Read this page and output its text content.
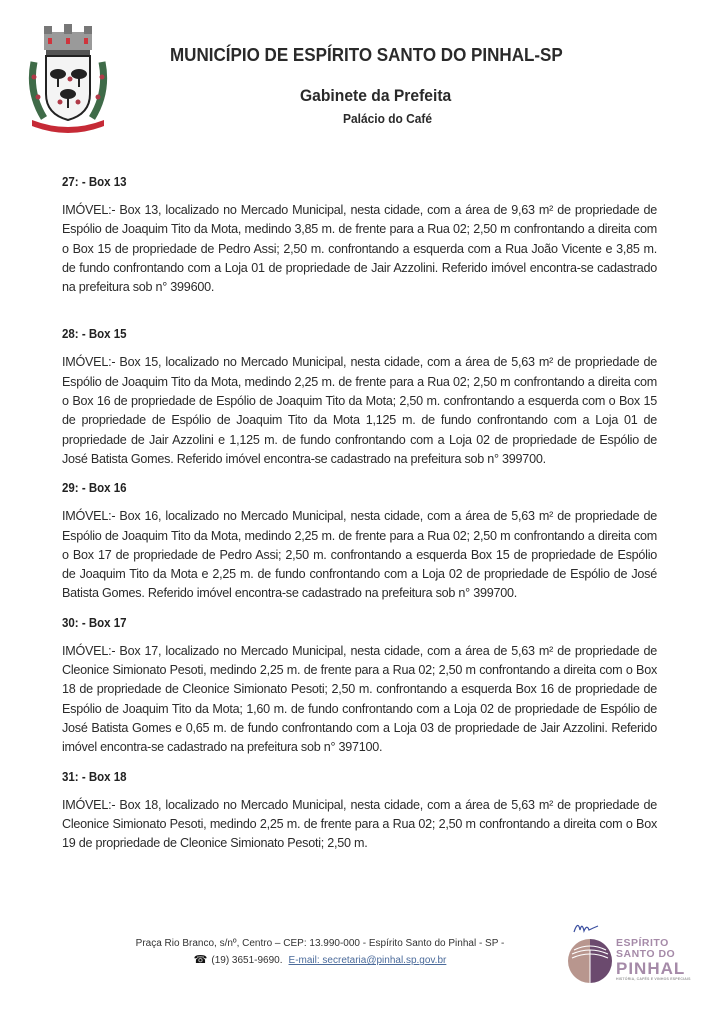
MUNICÍPIO DE ESPÍRITO SANTO DO PINHAL-SP
Gabinete da Prefeita
Palácio do Café
27: - Box 13

IMÓVEL:- Box 13, localizado no Mercado Municipal, nesta cidade, com a área de 9,63 m² de propriedade de Espólio de Joaquim Tito da Mota, medindo 3,85 m. de frente para a Rua 02; 2,50 m confrontando a direita com o Box 15 de propriedade de Pedro Assi; 2,50 m. confrontando a esquerda com a Rua João Vicente e 3,85 m. de fundo confrontando com a Loja 01 de propriedade de Jair Azzolini. Referido imóvel encontra-se cadastrado na prefeitura sob n° 399600.

28: - Box 15

IMÓVEL:- Box 15, localizado no Mercado Municipal, nesta cidade, com a área de 5,63 m² de propriedade de Espólio de Joaquim Tito da Mota, medindo 2,25 m. de frente para a Rua 02; 2,50 m confrontando a direita com o Box 16 de propriedade de Espólio de Joaquim Tito da Mota; 2,50 m. confrontando a esquerda com o Box 15 de propriedade de Espólio de Joaquim Tito da Mota 1,125 m. de fundo confrontando com a Loja 01 de propriedade de Jair Azzolini e 1,125 m. de fundo confrontando com a Loja 02 de propriedade de Espólio de José Batista Gomes. Referido imóvel encontra-se cadastrado na prefeitura sob n° 399700.

29: - Box 16

IMÓVEL:- Box 16, localizado no Mercado Municipal, nesta cidade, com a área de 5,63 m² de propriedade de Espólio de Joaquim Tito da Mota, medindo 2,25 m. de frente para a Rua 02; 2,50 m confrontando a direita com o Box 17 de propriedade de Pedro Assi; 2,50 m. confrontando a esquerda Box 15 de propriedade de Espólio de Joaquim Tito da Mota e 2,25 m. de fundo confrontando com a Loja 02 de propriedade de Espólio de José Batista Gomes. Referido imóvel encontra-se cadastrado na prefeitura sob n° 399700.

30: - Box 17

IMÓVEL:- Box 17, localizado no Mercado Municipal, nesta cidade, com a área de 5,63 m² de propriedade de Cleonice Simionato Pesoti, medindo 2,25 m. de frente para a Rua 02; 2,50 m confrontando a direita com o Box 18 de propriedade de Cleonice Simionato Pesoti; 2,50 m. confrontando a esquerda Box 16 de propriedade de Espólio de Joaquim Tito da Mota; 1,60 m. de fundo confrontando com a Loja 02 de propriedade de Espólio de José Batista Gomes e 0,65 m. de fundo confrontando com a Loja 03 de propriedade de Jair Azzolini. Referido imóvel encontra-se cadastrado na prefeitura sob n° 397100.

31: - Box 18

IMÓVEL:- Box 18, localizado no Mercado Municipal, nesta cidade, com a área de 5,63 m² de propriedade de Cleonice Simionato Pesoti, medindo 2,25 m. de frente para a Rua 02; 2,50 m confrontando a direita com o Box 19 de propriedade de Cleonice Simionato Pesoti; 2,50 m.

Praça Rio Branco, s/nº, Centro – CEP: 13.990-000 - Espírito Santo do Pinhal - SP -
☎ (19) 3651-9690. E-mail: secretaria@pinhal.sp.gov.br
ESPÍRITO
SANTO DO
PINHAL
HISTÓRIA, CAFÉS E VINHOS ESPECIAIS
